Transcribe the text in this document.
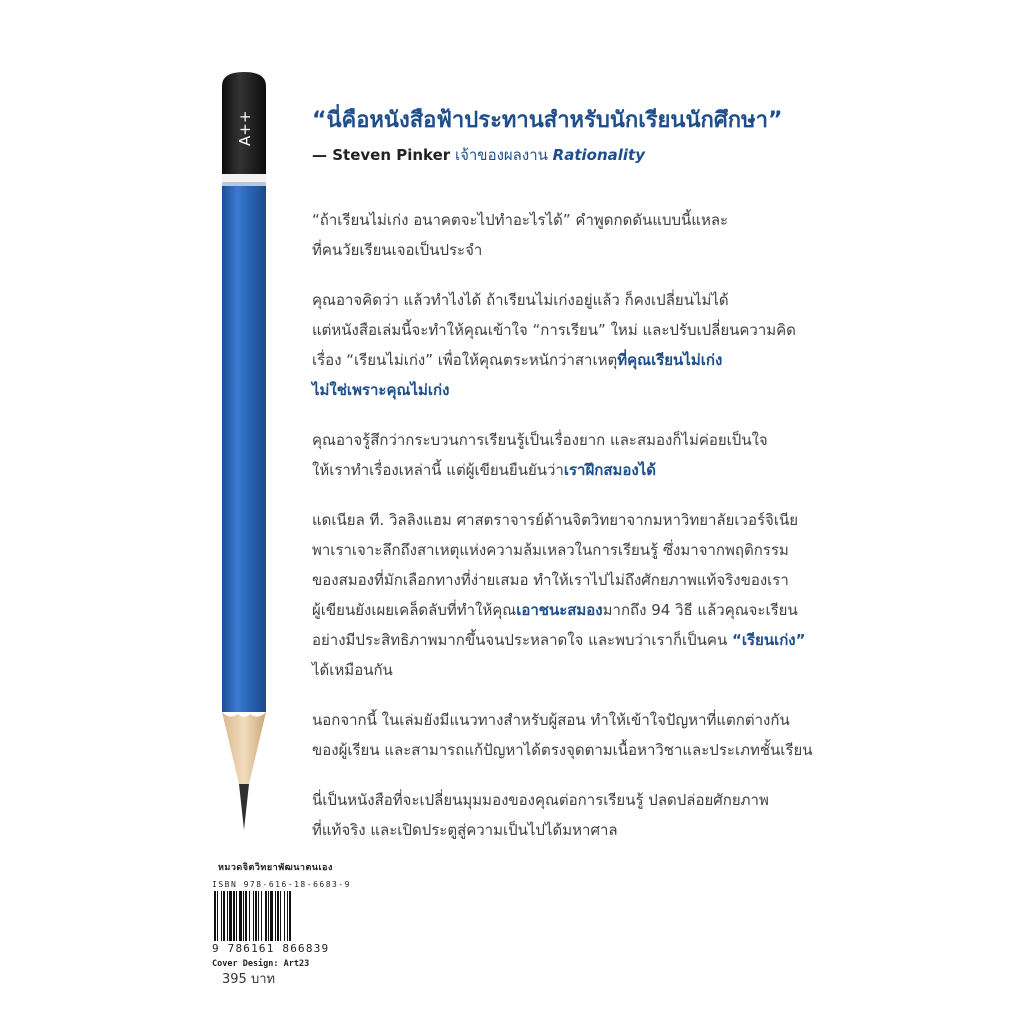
A++	“นี่คือหนังสือฟ้าประทานสำหรับนักเรียนนักศึกษา”
— Steven Pinker เจ้าของผลงาน Rationality

“ถ้าเรียนไม่เก่ง อนาคตจะไปทำอะไรได้” คำพูดกดดันแบบนี้แหละ
ที่คนวัยเรียนเจอเป็นประจำ

คุณอาจคิดว่า แล้วทำไงได้ ถ้าเรียนไม่เก่งอยู่แล้ว ก็คงเปลี่ยนไม่ได้
แต่หนังสือเล่มนี้จะทำให้คุณเข้าใจ “การเรียน” ใหม่ และปรับเปลี่ยนความคิด
เรื่อง “เรียนไม่เก่ง” เพื่อให้คุณตระหนักว่าสาเหตุที่คุณเรียนไม่เก่ง
ไม่ใช่เพราะคุณไม่เก่ง

คุณอาจรู้สึกว่ากระบวนการเรียนรู้เป็นเรื่องยาก และสมองก็ไม่ค่อยเป็นใจ
ให้เราทำเรื่องเหล่านี้ แต่ผู้เขียนยืนยันว่าเราฝึกสมองได้

แดเนียล ที. วิลลิงแฮม ศาสตราจารย์ด้านจิตวิทยาจากมหาวิทยาลัยเวอร์จิเนีย
พาเราเจาะลึกถึงสาเหตุแห่งความล้มเหลวในการเรียนรู้ ซึ่งมาจากพฤติกรรม
ของสมองที่มักเลือกทางที่ง่ายเสมอ ทำให้เราไปไม่ถึงศักยภาพแท้จริงของเรา
ผู้เขียนยังเผยเคล็ดลับที่ทำให้คุณเอาชนะสมองมากถึง 94 วิธี แล้วคุณจะเรียน
อย่างมีประสิทธิภาพมากขึ้นจนประหลาดใจ และพบว่าเราก็เป็นคน “เรียนเก่ง”
ได้เหมือนกัน

นอกจากนี้ ในเล่มยังมีแนวทางสำหรับผู้สอน ทำให้เข้าใจปัญหาที่แตกต่างกัน
ของผู้เรียน และสามารถแก้ปัญหาได้ตรงจุดตามเนื้อหาวิชาและประเภทชั้นเรียน

นี่เป็นหนังสือที่จะเปลี่ยนมุมมองของคุณต่อการเรียนรู้ ปลดปล่อยศักยภาพ
ที่แท้จริง และเปิดประตูสู่ความเป็นไปได้มหาศาล

หมวดจิตวิทยาพัฒนาตนเอง
ISBN 978-616-18-6683-9
9 786161 866839
Cover Design: Art23
395 บาท
